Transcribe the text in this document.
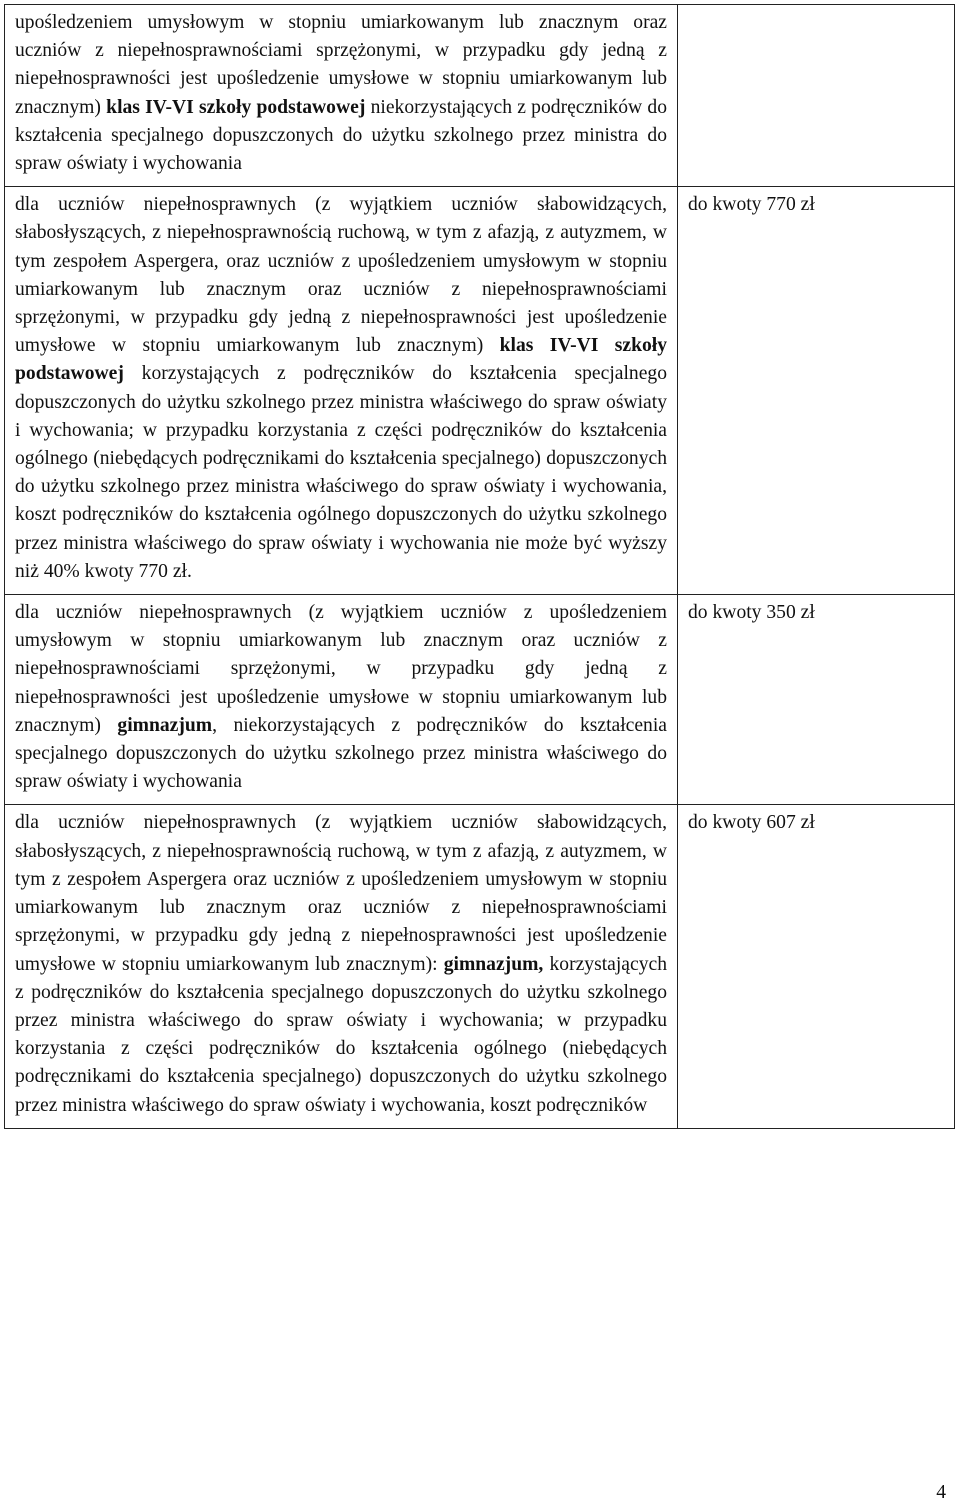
upośledzeniem umysłowym w stopniu umiarkowanym lub znacznym oraz uczniów z niepełnosprawnościami sprzężonymi, w przypadku gdy jedną z niepełnosprawności jest upośledzenie umysłowe w stopniu umiarkowanym lub znacznym) klas IV-VI szkoły podstawowej niekorzystających z podręczników do kształcenia specjalnego dopuszczonych do użytku szkolnego przez ministra do spraw oświaty i wychowania	
dla uczniów niepełnosprawnych (z wyjątkiem uczniów słabowidzących, słabosłyszących, z niepełnosprawnością ruchową, w tym z afazją, z autyzmem, w tym zespołem Aspergera, oraz uczniów z upośledzeniem umysłowym w stopniu umiarkowanym lub znacznym oraz uczniów z niepełnosprawnościami sprzężonymi, w przypadku gdy jedną z niepełnosprawności jest upośledzenie umysłowe w stopniu umiarkowanym lub znacznym) klas IV-VI szkoły podstawowej korzystających z podręczników do kształcenia specjalnego dopuszczonych do użytku szkolnego przez ministra właściwego do spraw oświaty i wychowania; w przypadku korzystania z części podręczników do kształcenia ogólnego (niebędących podręcznikami do kształcenia specjalnego) dopuszczonych do użytku szkolnego przez ministra właściwego do spraw oświaty i wychowania, koszt podręczników do kształcenia ogólnego dopuszczonych do użytku szkolnego przez ministra właściwego do spraw oświaty i wychowania nie może być wyższy niż 40% kwoty 770 zł.	do kwoty 770 zł
dla uczniów niepełnosprawnych (z wyjątkiem uczniów z upośledzeniem umysłowym w stopniu umiarkowanym lub znacznym oraz uczniów z niepełnosprawnościami sprzężonymi, w przypadku gdy jedną z niepełnosprawności jest upośledzenie umysłowe w stopniu umiarkowanym lub znacznym) gimnazjum, niekorzystających z podręczników do kształcenia specjalnego dopuszczonych do użytku szkolnego przez ministra właściwego do spraw oświaty i wychowania	do kwoty 350 zł
dla uczniów niepełnosprawnych (z wyjątkiem uczniów słabowidzących, słabosłyszących, z niepełnosprawnością ruchową, w tym z afazją, z autyzmem, w tym z zespołem Aspergera oraz uczniów z upośledzeniem umysłowym w stopniu umiarkowanym lub znacznym oraz uczniów z niepełnosprawnościami sprzężonymi, w przypadku gdy jedną z niepełnosprawności jest upośledzenie umysłowe w stopniu umiarkowanym lub znacznym): gimnazjum, korzystających z podręczników do kształcenia specjalnego dopuszczonych do użytku szkolnego przez ministra właściwego do spraw oświaty i wychowania; w przypadku korzystania z części podręczników do kształcenia ogólnego (niebędących podręcznikami do kształcenia specjalnego) dopuszczonych do użytku szkolnego przez ministra właściwego do spraw oświaty i wychowania, koszt podręczników	do kwoty 607 zł
4
